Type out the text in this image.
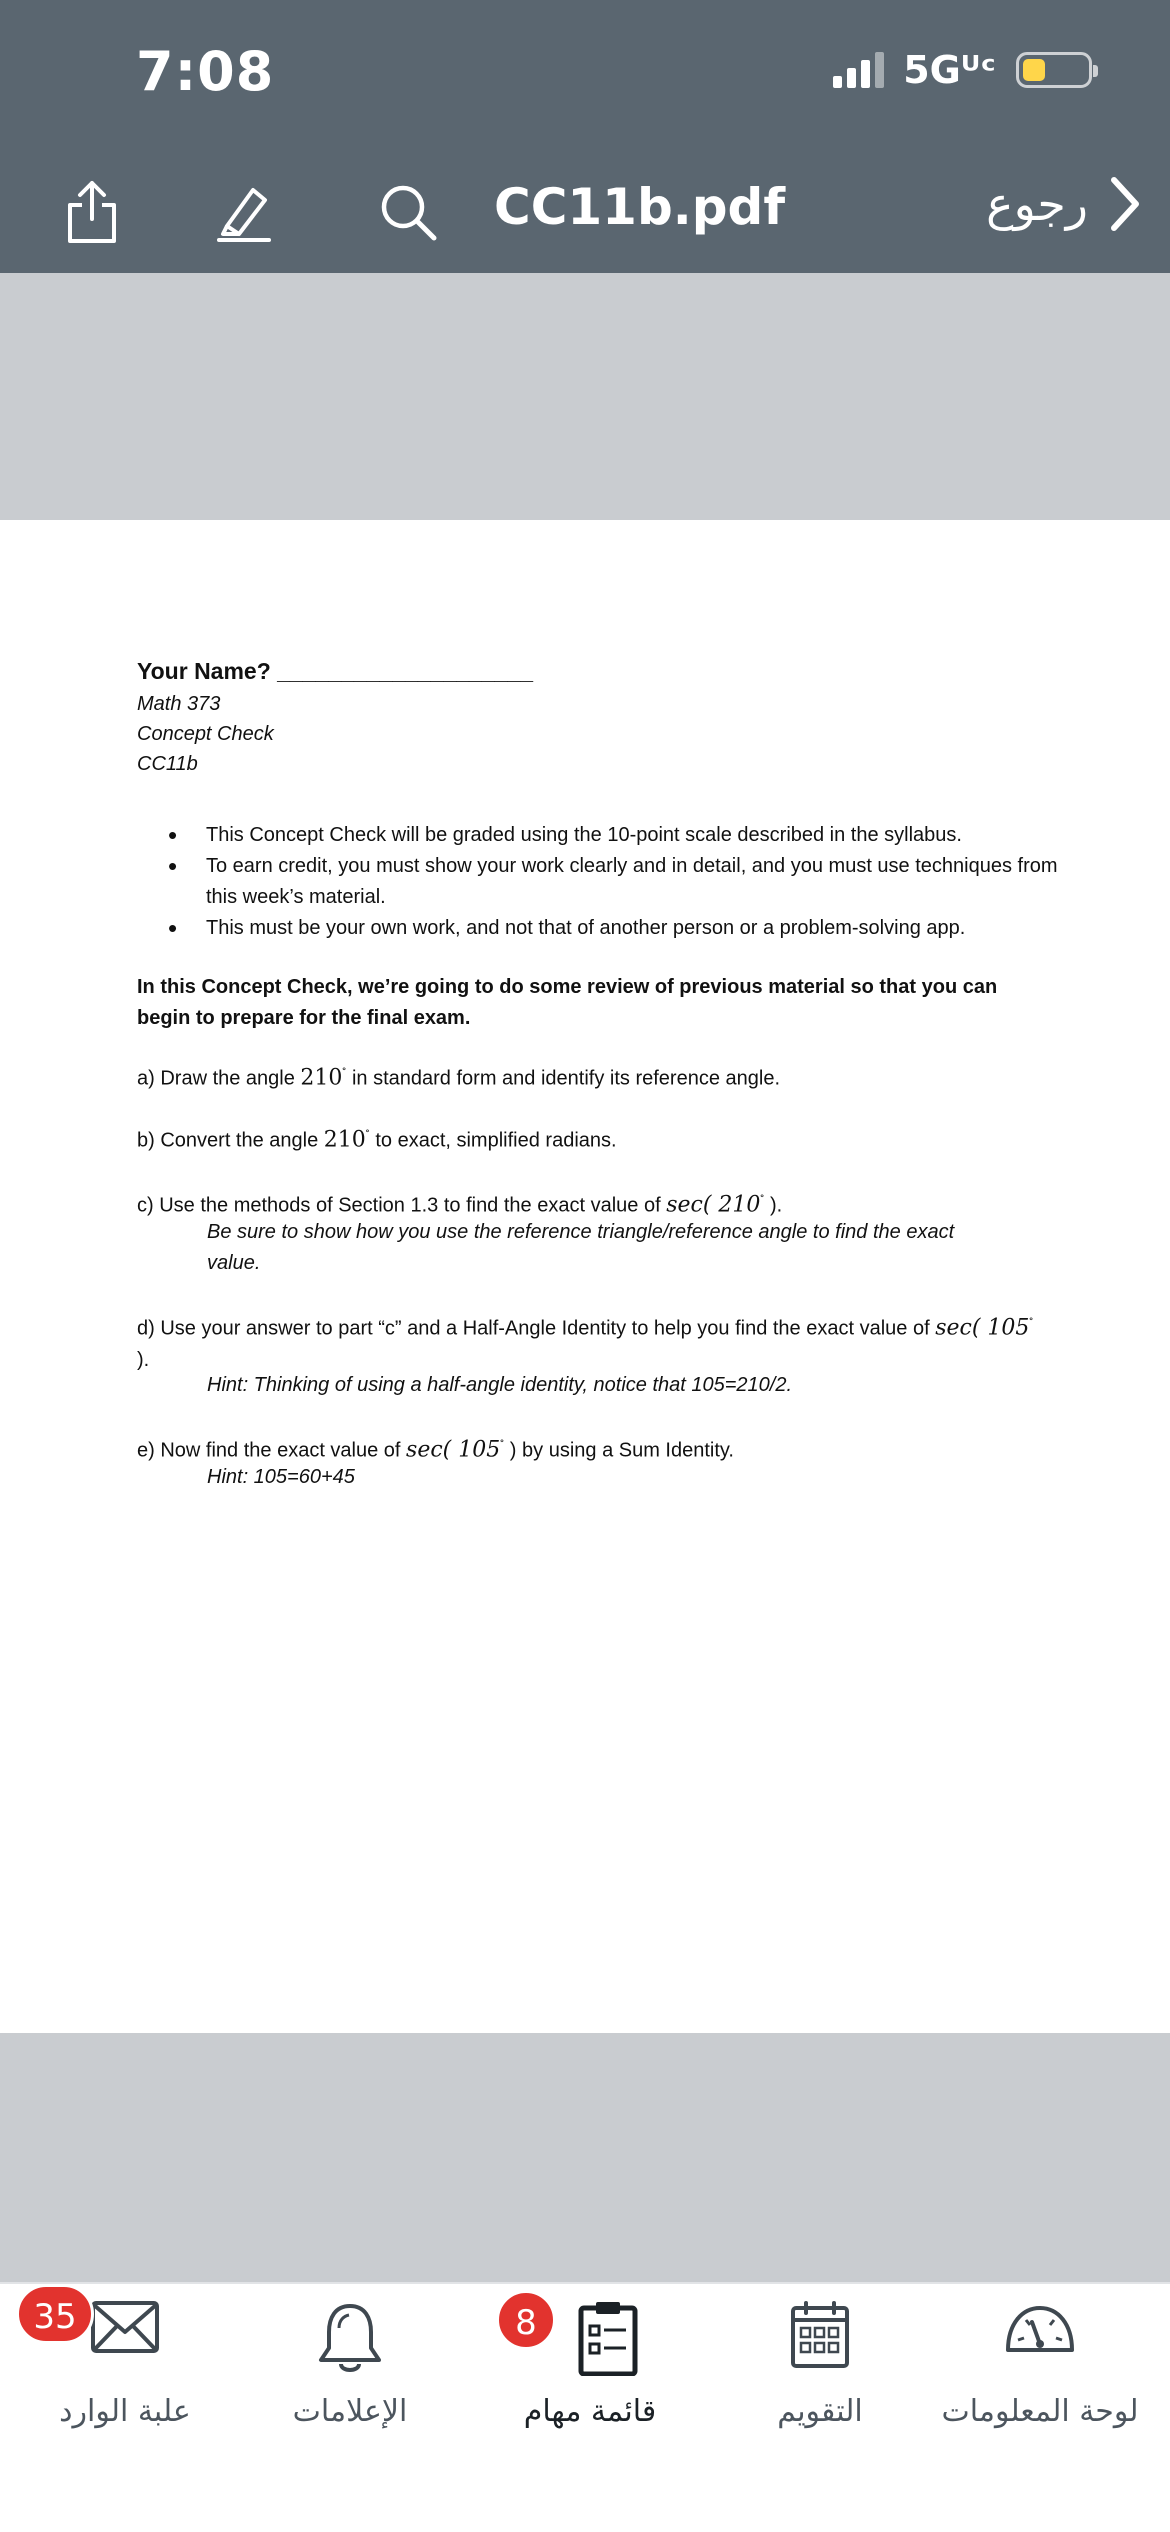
7:08	5Gᵁᶜ
CC11b.pdf	رجوع
Your Name? ____________________
Math 373
Concept Check
CC11b
• This Concept Check will be graded using the 10-point scale described in the syllabus.
• To earn credit, you must show your work clearly and in detail, and you must use techniques from this week’s material.
• This must be your own work, and not that of another person or a problem-solving app.
In this Concept Check, we’re going to do some review of previous material so that you can begin to prepare for the final exam.
a) Draw the angle 210˚ in standard form and identify its reference angle.
b) Convert the angle 210˚ to exact, simplified radians.
c) Use the methods of Section 1.3 to find the exact value of sec( 210˚ ).
Be sure to show how you use the reference triangle/reference angle to find the exact value.
d) Use your answer to part “c” and a Half-Angle Identity to help you find the exact value of sec( 105˚ ).
Hint: Thinking of using a half-angle identity, notice that 105=210/2.
e) Now find the exact value of sec( 105˚ ) by using a Sum Identity.
Hint: 105=60+45
35
علبة الوارد	الإعلامات
8
قائمة مهام	التقويم	لوحة المعلومات
